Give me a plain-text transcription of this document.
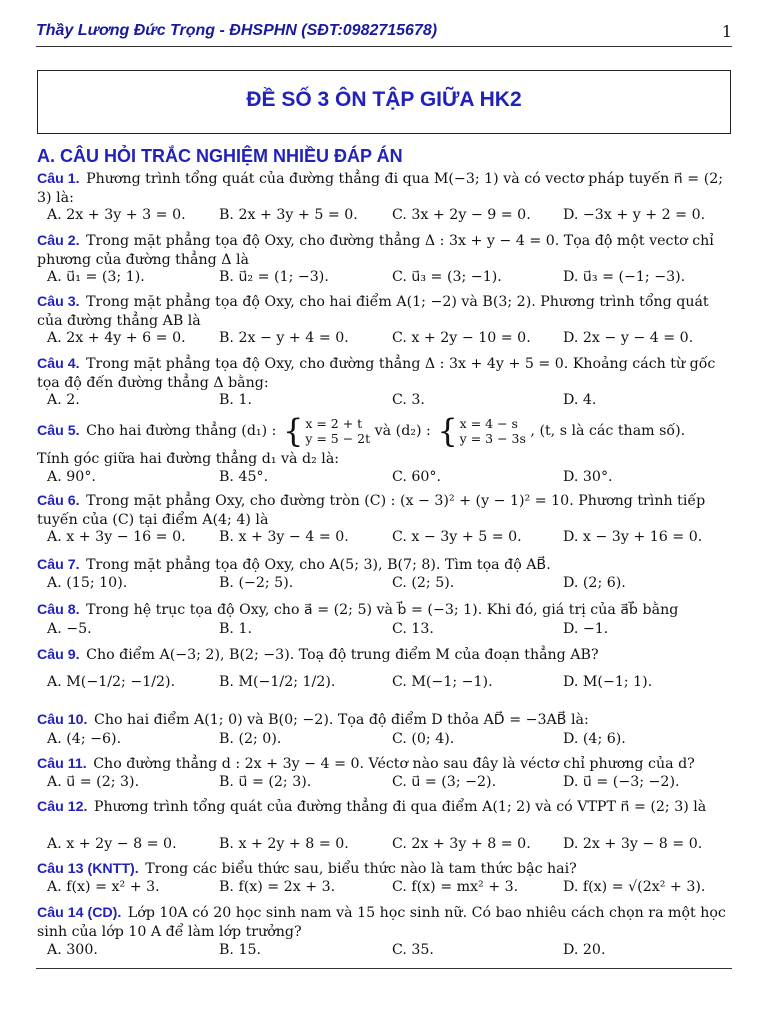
Thầy Lương Đức Trọng - ĐHSPHN (SĐT:0982715678)	1
ĐỀ SỐ 3 ÔN TẬP GIỮA HK2
A. CÂU HỎI TRẮC NGHIỆM NHIỀU ĐÁP ÁN
Câu 1. Phương trình tổng quát của đường thẳng đi qua M(−3; 1) và có vectơ pháp tuyến n⃗ = (2; 3) là:
A. 2x + 3y + 3 = 0. B. 2x + 3y + 5 = 0. C. 3x + 2y − 9 = 0. D. −3x + y + 2 = 0.
Câu 2. Trong mặt phẳng tọa độ Oxy, cho đường thẳng Δ : 3x + y − 4 = 0. Tọa độ một vectơ chỉ phương của đường thẳng Δ là
A. u⃗₁ = (3; 1).	B. u⃗₂ = (1; −3).	C. u⃗₃ = (3; −1).	D. u⃗₃ = (−1; −3).
Câu 3. Trong mặt phẳng tọa độ Oxy, cho hai điểm A(1; −2) và B(3; 2). Phương trình tổng quát của đường thẳng AB là
A. 2x + 4y + 6 = 0. B. 2x − y + 4 = 0.	C. x + 2y − 10 = 0. D. 2x − y − 4 = 0.
Câu 4. Trong mặt phẳng tọa độ Oxy, cho đường thẳng Δ : 3x + 4y + 5 = 0. Khoảng cách từ gốc tọa độ đến đường thẳng Δ bằng:
A. 2.	B. 1.	C. 3.	D. 4.
Câu 5. Cho hai đường thẳng (d₁) : { x = 2 + t
y = 5 − 2t và (d₂) : { x = 4 − s
y = 3 − 3s , (t, s là các tham số).
Tính góc giữa hai đường thẳng d₁ và d₂ là:
A. 90°.	B. 45°.	C. 60°.	D. 30°.
Câu 6. Trong mặt phẳng Oxy, cho đường tròn (C) : (x − 3)² + (y − 1)² = 10. Phương trình tiếp tuyến của (C) tại điểm A(4; 4) là
A. x + 3y − 16 = 0. B. x + 3y − 4 = 0.	C. x − 3y + 5 = 0.	D. x − 3y + 16 = 0.
Câu 7. Trong mặt phẳng tọa độ Oxy, cho A(5; 3), B(7; 8). Tìm tọa độ AB⃗.
A. (15; 10).	B. (−2; 5).	C. (2; 5).	D. (2; 6).
Câu 8. Trong hệ trục tọa độ Oxy, cho a⃗ = (2; 5) và b⃗ = (−3; 1). Khi đó, giá trị của a⃗b⃗ bằng
A. −5.	B. 1.	C. 13.	D. −1.
Câu 9. Cho điểm A(−3; 2), B(2; −3). Toạ độ trung điểm M của đoạn thẳng AB?
A. M(−1/2; −1/2).	B. M(−1/2; 1/2).	C. M(−1; −1).	D. M(−1; 1).
Câu 10. Cho hai điểm A(1; 0) và B(0; −2). Tọa độ điểm D thỏa AD⃗ = −3AB⃗ là:
A. (4; −6).	B. (2; 0).	C. (0; 4).	D. (4; 6).
Câu 11. Cho đường thẳng d : 2x + 3y − 4 = 0. Véctơ nào sau đây là véctơ chỉ phương của d?
A. u⃗ = (2; 3).	B. u⃗ = (2; 3).	C. u⃗ = (3; −2).	D. u⃗ = (−3; −2).
Câu 12. Phương trình tổng quát của đường thẳng đi qua điểm A(1; 2) và có VTPT n⃗ = (2; 3) là
A. x + 2y − 8 = 0.	B. x + 2y + 8 = 0.	C. 2x + 3y + 8 = 0. D. 2x + 3y − 8 = 0.
Câu 13 (KNTT). Trong các biểu thức sau, biểu thức nào là tam thức bậc hai?
A. f(x) = x² + 3.	B. f(x) = 2x + 3.	C. f(x) = mx² + 3.	D. f(x) = √(2x² + 3).
Câu 14 (CD). Lớp 10A có 20 học sinh nam và 15 học sinh nữ. Có bao nhiêu cách chọn ra một học sinh của lớp 10 A để làm lớp trưởng?
A. 300.	B. 15.	C. 35.	D. 20.
